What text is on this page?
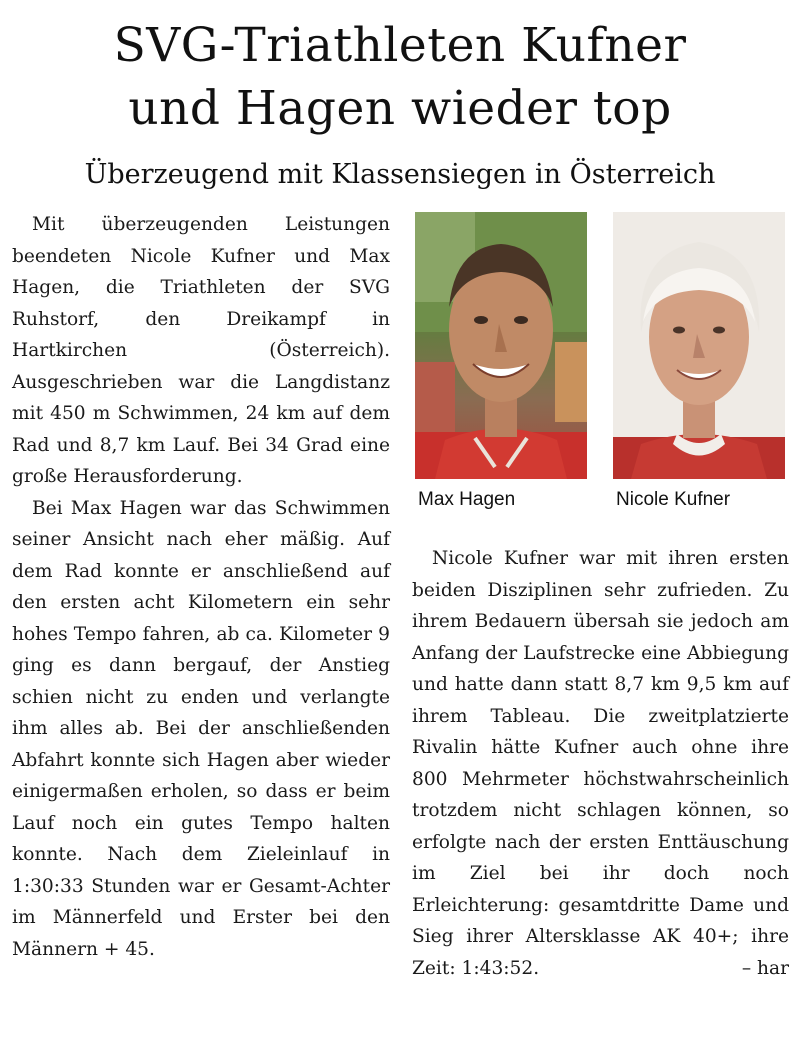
SVG-Triathleten Kufner
und Hagen wieder top
Überzeugend mit Klassensiegen in Österreich

Mit überzeugenden Leistungen beendeten Nicole Kufner und Max Hagen, die Triathleten der SVG Ruhstorf, den Dreikampf in Hartkirchen (Österreich). Ausgeschrieben war die Langdistanz mit 450 m Schwimmen, 24 km auf dem Rad und 8,7 km Lauf. Bei 34 Grad eine große Herausforderung.

Bei Max Hagen war das Schwimmen seiner Ansicht nach eher mäßig. Auf dem Rad konnte er anschließend auf den ersten acht Kilometern ein sehr hohes Tempo fahren, ab ca. Kilometer 9 ging es dann bergauf, der Anstieg schien nicht zu enden und verlangte ihm alles ab. Bei der anschließenden Abfahrt konnte sich Hagen aber wieder einigermaßen erholen, so dass er beim Lauf noch ein gutes Tempo halten konnte. Nach dem Zieleinlauf in 1:30:33 Stunden war er Gesamt-Achter im Männerfeld und Erster bei den Männern + 45.

Max Hagen	Nicole Kufner

Nicole Kufner war mit ihren ersten beiden Disziplinen sehr zufrieden. Zu ihrem Bedauern übersah sie jedoch am Anfang der Laufstrecke eine Abbiegung und hatte dann statt 8,7 km 9,5 km auf ihrem Tableau. Die zweitplatzierte Rivalin hätte Kufner auch ohne ihre 800 Mehrmeter höchstwahrscheinlich trotzdem nicht schlagen können, so erfolgte nach der ersten Enttäuschung im Ziel bei ihr doch noch Erleichterung: gesamtdritte Dame und Sieg ihrer Altersklasse AK 40+; ihre Zeit: 1:43:52.	– har
